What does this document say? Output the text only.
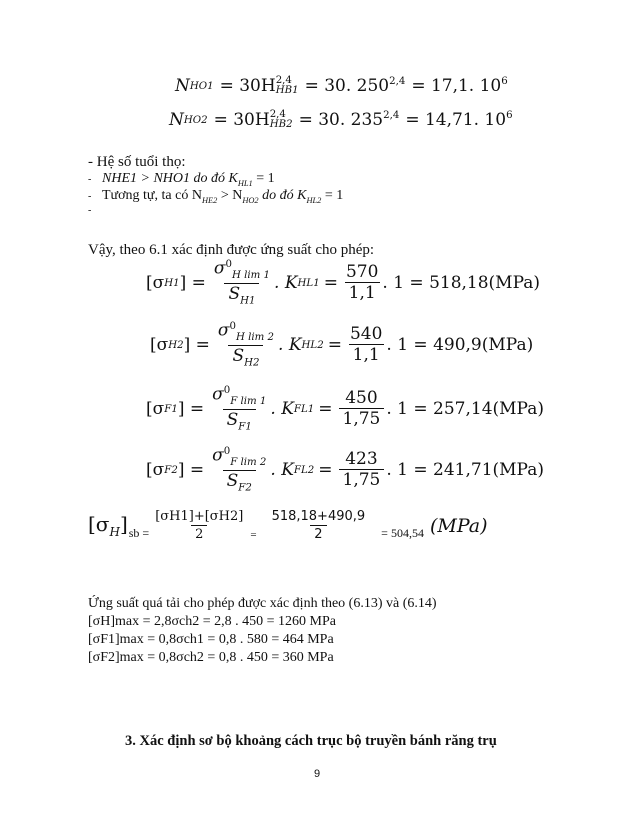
N HO1 = 30H 2,4
HB1 = 30. $250^{2,4} = 17,1$. $10^6$
N HO2 = 30H 2,4
HB2 = 30. $235^{2,4} = 14,71$. $10^6$
- Hệ số tuổi thọ:
- NHE1 > NHO1 do đó $K_{HL1} = 1$
- Tương tự, ta có $N_{HE2} > N_{HO2}$ do đó $K_{HL2} = 1$
-
Vậy, theo 6.1 xác định được ứng suất cho phép:
[σ H1 ] = $\frac{\sigma^0_{H lim 1}}{S_{H1}}$ . K $HL1 = \frac{570}{1,1}$ . 1 = 518,18(MPa)
[σ H2 ] = $\frac{\sigma^0_{H lim 2}}{S_{H2}}$ . K $HL2 = \frac{540}{1,1}$ . 1 = 490,9(MPa)
[σ F1 ] = $\frac{\sigma^0_{F lim 1}}{S_{F1}}$ . K $FL1 = \frac{450}{1,75}$ . 1 = 257,14(MPa)
[σ F2 ] = $\frac{\sigma^0_{F lim 2}}{S_{F2}}$ . K $FL2 = \frac{423}{1,75}$ . 1 = 241,71(MPa)
$[\sigma_H]$ sb = $\frac{[\sigma H1]+[\sigma H2]}{2} = \frac{518,18+490,9}{2} = 504,54$ (MPa)
Ứng suất quá tải cho phép được xác định theo (6.13) và (6.14)
[σH]max = 2,8σch2 = 2,8 . 450 = 1260 MPa
[σF1]max = 0,8σch1 = 0,8 . 580 = 464 MPa
[σF2]max = 0,8σch2 = 0,8 . 450 = 360 MPa
3. Xác định sơ bộ khoảng cách trục bộ truyền bánh răng trụ
9
